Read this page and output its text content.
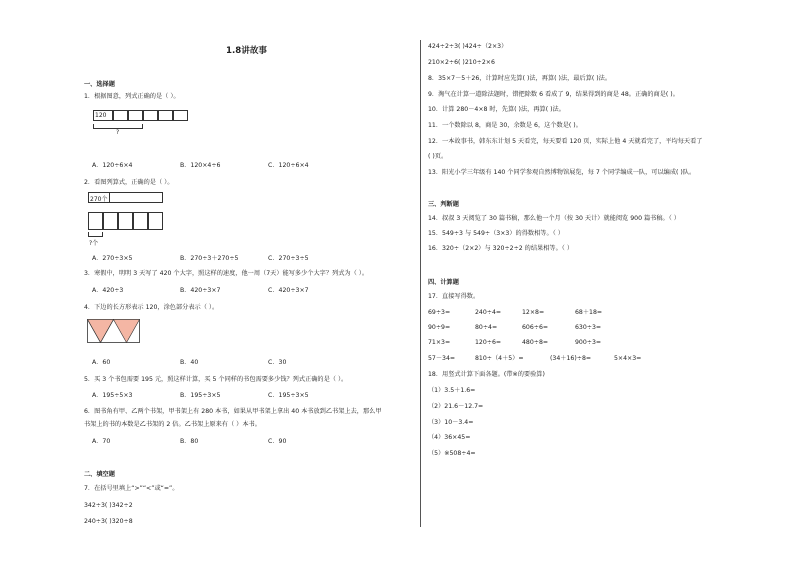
1.8讲故事
一、选择题
1．根据图意，列式正确的是（ ）。
120
?
A．120÷6×4	B．120×4÷6	C．120÷6×4
2．看图列算式，正确的是（ ）。
270个
?个
A．270÷3×5	B．270÷3＋270÷5	C．270÷3÷5
3．寒假中，明明 3 天写了 420 个大字，照这样的速度，他一周（7天）能写多少个大字？列式为（ ）。
A．420÷3	B．420÷3×7	C．420÷3×7
4．下边的长方形表示 120，涂色部分表示（ ）。
A．60	B．40	C．30
5．买 3 个书包需要 195 元，照这样计算，买 5 个同样的书包需要多少钱？列式正确的是（ ）。
A．195÷5×3	B．195÷3×5	C．195÷3×5
6．图书角有甲、乙两个书架，甲书架上有 280 本书，如果从甲书架上拿出 40 本书放到乙书架上去，那么甲
书架上的书的本数是乙书架的 2 倍。乙书架上原来有（ ）本书。
A．70	B．80	C．90
二、填空题
7．在括号里填上“>”“<”或“=”。
342÷3( )342÷2
240÷3( )320÷8
424÷2÷3( )424÷（2×3）
210×2÷6( )210÷2×6
8．35×7－5＋26，计算时应先算( )法，再算( )法，最后算( )法。
9．淘气在计算一道除法题时，错把除数 6 看成了 9，结果得到的商是 48。正确的商是( )。
10．计算 280－4×8 时，先算( )法，再算( )法。
11．一个数除以 8，商是 30，余数是 6，这个数是( )。
12．一本故事书，韩东东计划 5 天看完，每天要看 120 页，实际上他 4 天就看完了，平均每天看了
( )页。
13．阳光小学三年级有 140 个同学参观自然博物馆展览，每 7 个同学编成一队，可以编成( )队。
三、判断题
14．叔叔 3 天阅览了 30 篇书稿，那么他一个月（按 30 天计）就能阅览 900 篇书稿。（ ）
15．549÷3 与 549÷（3×3）的得数相等。（ ）
16．320÷（2×2）与 320÷2÷2 的结果相等。（ ）
四、计算题
17．直接写得数。
69÷3=	240÷4=	12×8=	68＋18=
90÷9=	80÷4=	606÷6=	630÷3=
71×3=	120÷6=	480÷8=	900÷3=
57－34=	810÷（4＋5）=	(34＋16)÷8=	5×4×3=
18．用竖式计算下面各题。(带※的要验算)
（1）3.5＋1.6=
（2）21.6－12.7=
（3）10－3.4=
（4）36×45=
（5）※508÷4=
